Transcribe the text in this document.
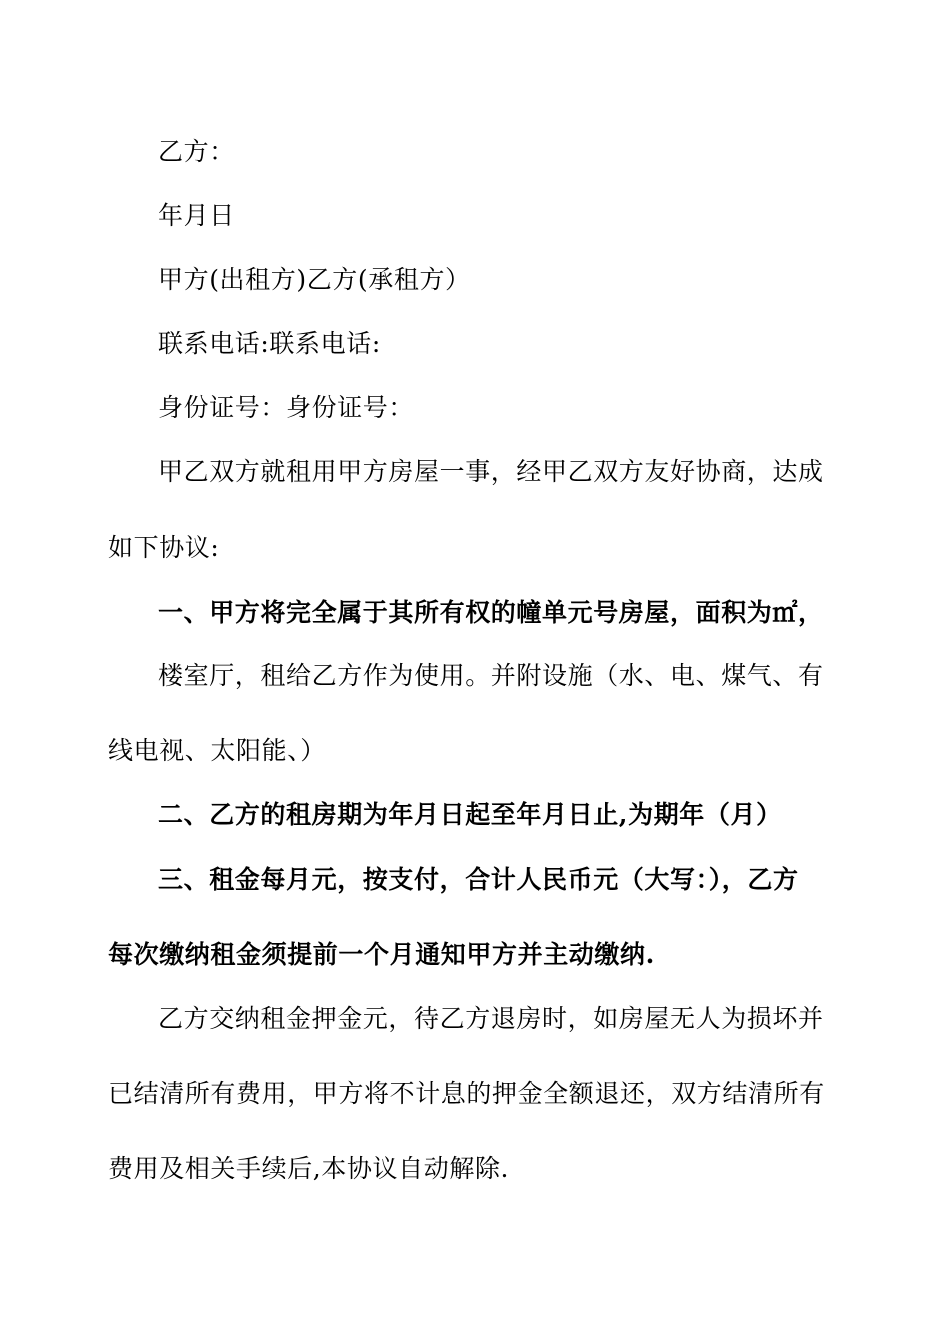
乙方：
年月日
甲方(出租方)乙方(承租方）
联系电话:联系电话:
身份证号：身份证号：
甲乙双方就租用甲方房屋一事，经甲乙双方友好协商，达成
如下协议:
一、甲方将完全属于其所有权的幢单元号房屋，面积为㎡，
楼室厅，租给乙方作为使用。并附设施（水、电、煤气、有
线电视、太阳能、）
二、乙方的租房期为年月日起至年月日止,为期年（月）
三、租金每月元，按支付，合计人民币元（大写：），乙方
每次缴纳租金须提前一个月通知甲方并主动缴纳.
乙方交纳租金押金元，待乙方退房时，如房屋无人为损坏并
已结清所有费用，甲方将不计息的押金全额退还，双方结清所有
费用及相关手续后,本协议自动解除.
